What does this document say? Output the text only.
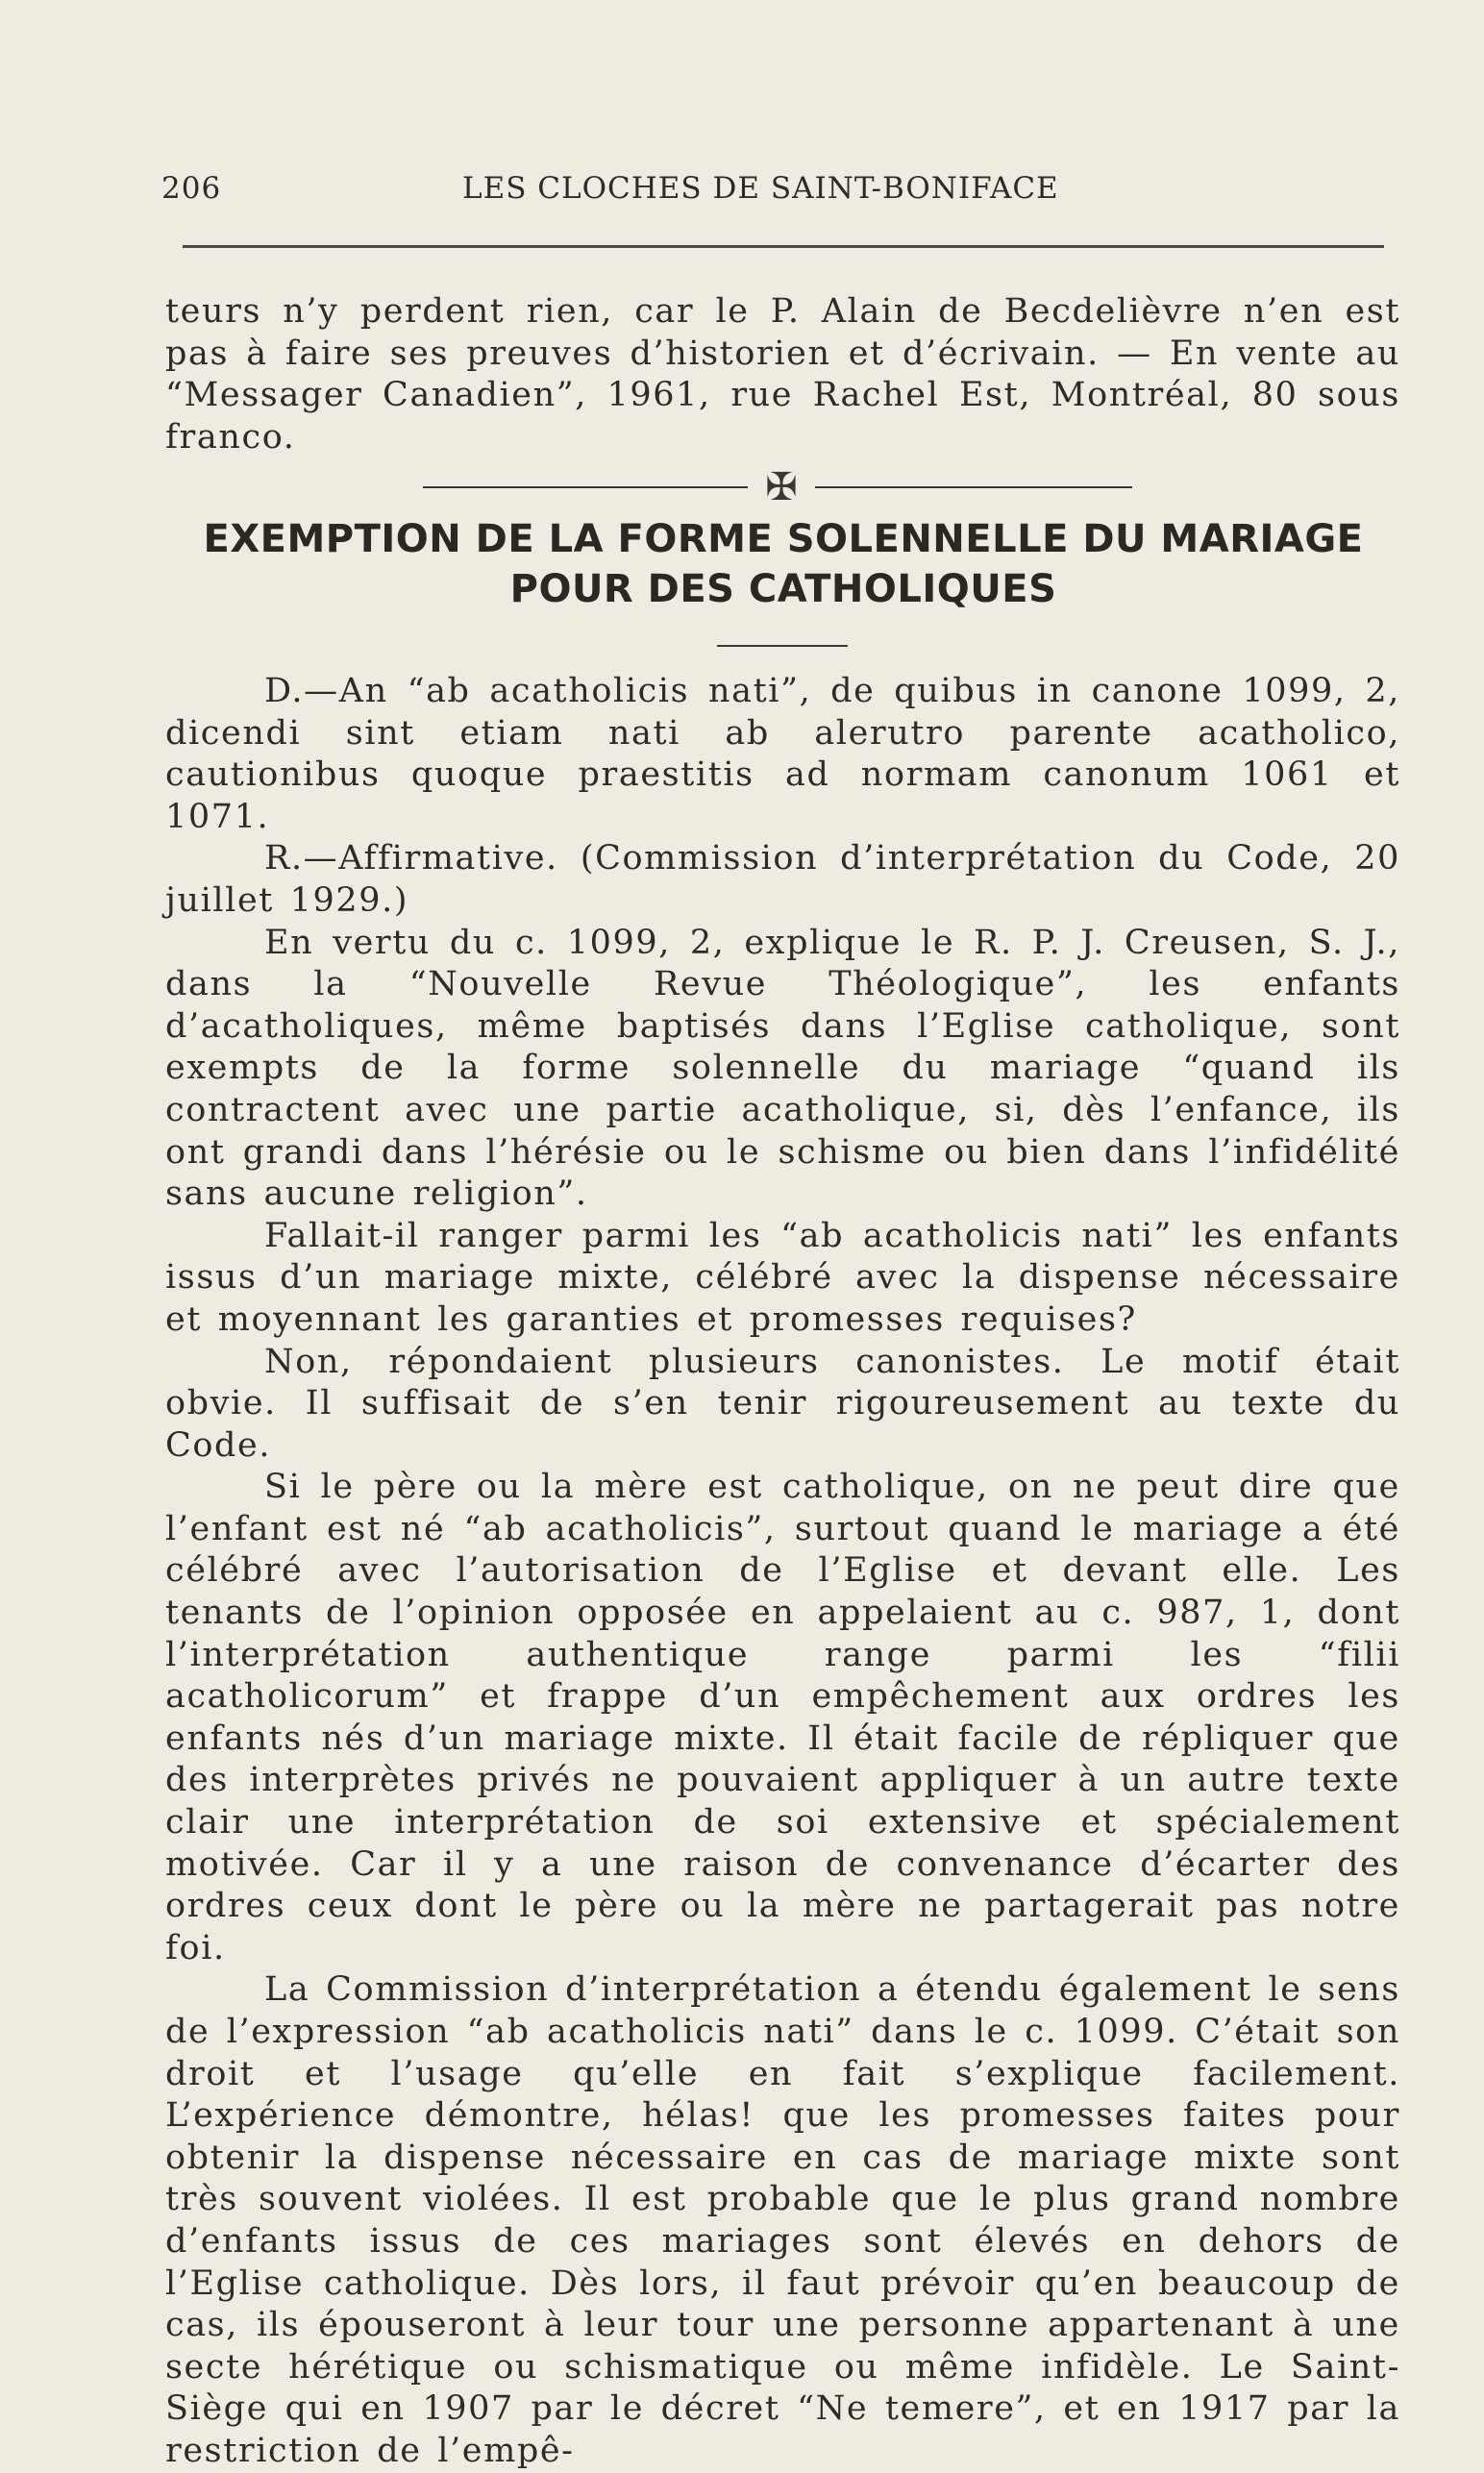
206	LES CLOCHES DE SAINT-BONIFACE

teurs n’y perdent rien, car le P. Alain de Becdelièvre n’en est pas à faire ses preuves d’historien et d’écrivain. — En vente au “Messager Canadien”, 1961, rue Rachel Est, Montréal, 80 sous franco.

✠
EXEMPTION DE LA FORME SOLENNELLE DU MARIAGE
POUR DES CATHOLIQUES

D.—An “ab acatholicis nati”, de quibus in canone 1099, 2, dicendi sint etiam nati ab alerutro parente acatholico, cautionibus quoque praestitis ad normam canonum 1061 et 1071.

R.—Affirmative. (Commission d’interprétation du Code, 20 juillet 1929.)

En vertu du c. 1099, 2, explique le R. P. J. Creusen, S. J., dans la “Nouvelle Revue Théologique”, les enfants d’acatholiques, même baptisés dans l’Eglise catholique, sont exempts de la forme solennelle du mariage “quand ils contractent avec une partie acatholique, si, dès l’enfance, ils ont grandi dans l’hérésie ou le schisme ou bien dans l’infidélité sans aucune religion”.

Fallait-il ranger parmi les “ab acatholicis nati” les enfants issus d’un mariage mixte, célébré avec la dispense nécessaire et moyennant les garanties et promesses requises?

Non, répondaient plusieurs canonistes. Le motif était obvie. Il suffisait de s’en tenir rigoureusement au texte du Code.

Si le père ou la mère est catholique, on ne peut dire que l’enfant est né “ab acatholicis”, surtout quand le mariage a été célébré avec l’autorisation de l’Eglise et devant elle. Les tenants de l’opinion opposée en appelaient au c. 987, 1, dont l’interprétation authentique range parmi les “filii acatholicorum” et frappe d’un empêchement aux ordres les enfants nés d’un mariage mixte. Il était facile de répliquer que des interprètes privés ne pouvaient appliquer à un autre texte clair une interprétation de soi extensive et spécialement motivée. Car il y a une raison de convenance d’écarter des ordres ceux dont le père ou la mère ne partagerait pas notre foi.

La Commission d’interprétation a étendu également le sens de l’expression “ab acatholicis nati” dans le c. 1099. C’était son droit et l’usage qu’elle en fait s’explique facilement. L’expérience démontre, hélas! que les promesses faites pour obtenir la dispense nécessaire en cas de mariage mixte sont très souvent violées. Il est probable que le plus grand nombre d’enfants issus de ces mariages sont élevés en dehors de l’Eglise catholique. Dès lors, il faut prévoir qu’en beaucoup de cas, ils épouseront à leur tour une personne appartenant à une secte hérétique ou schismatique ou même infidèle. Le Saint-Siège qui en 1907 par le décret “Ne temere”, et en 1917 par la restriction de l’empê-
